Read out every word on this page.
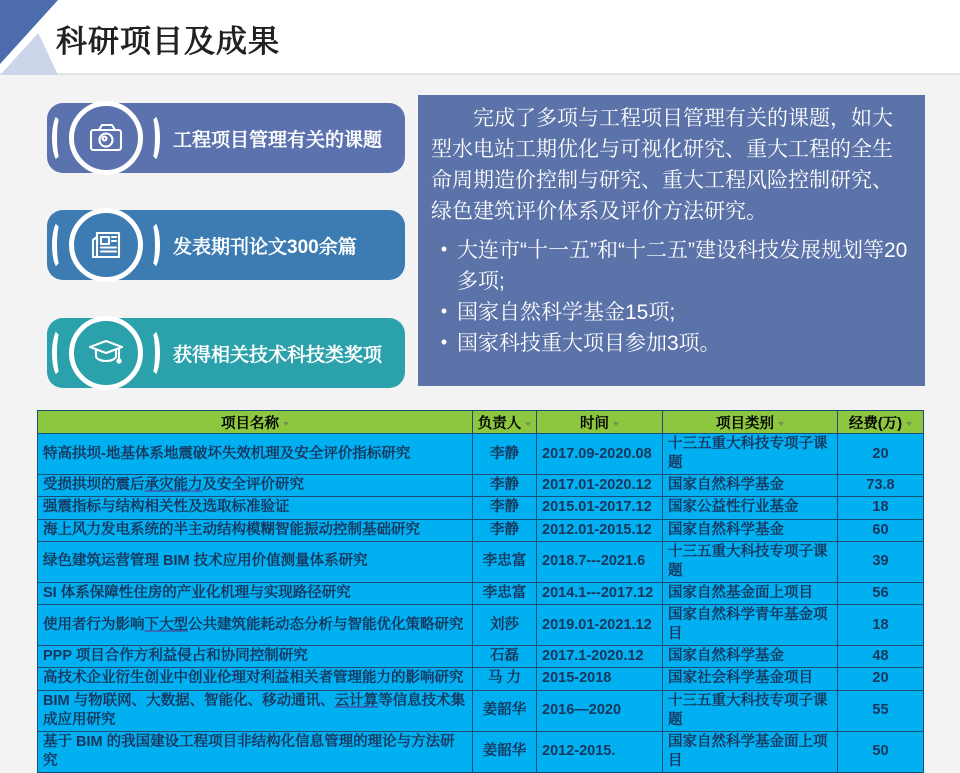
科研项目及成果
工程项目管理有关的课题
发表期刊论文300余篇
获得相关技术科技类奖项
完成了多项与工程项目管理有关的课题，如大型水电站工期优化与可视化研究、重大工程的全生命周期造价控制与研究、重大工程风险控制研究、绿色建筑评价体系及评价方法研究。
• 大连市“十一五”和“十二五”建设科技发展规划等20多项;
• 国家自然科学基金15项;
• 国家科技重大项目参加3项。
项目名称	负责人	时间	项目类别	经费(万)
特高拱坝-地基体系地震破坏失效机理及安全评价指标研究	李静	2017.09-2020.08	十三五重大科技专项子课题	20
受损拱坝的震后承灾能力及安全评价研究	李静	2017.01-2020.12	国家自然科学基金	73.8
强震指标与结构相关性及选取标准验证	李静	2015.01-2017.12	国家公益性行业基金	18
海上风力发电系统的半主动结构模糊智能振动控制基础研究	李静	2012.01-2015.12	国家自然科学基金	60
绿色建筑运营管理 BIM 技术应用价值测量体系研究	李忠富	2018.7---2021.6	十三五重大科技专项子课题	39
SI 体系保障性住房的产业化机理与实现路径研究	李忠富	2014.1---2017.12	国家自然基金面上项目	56
使用者行为影响下大型公共建筑能耗动态分析与智能优化策略研究	刘莎	2019.01-2021.12	国家自然科学青年基金项目	18
PPP 项目合作方利益侵占和协同控制研究	石磊	2017.1-2020.12	国家自然科学基金	48
高技术企业衍生创业中创业伦理对利益相关者管理能力的影响研究	马 力	2015-2018	国家社会科学基金项目	20
BIM 与物联网、大数据、智能化、移动通讯、云计算等信息技术集成应用研究	姜韶华	2016—2020	十三五重大科技专项子课题	55
基于 BIM 的我国建设工程项目非结构化信息管理的理论与方法研究	姜韶华	2012-2015.	国家自然科学基金面上项目	50
